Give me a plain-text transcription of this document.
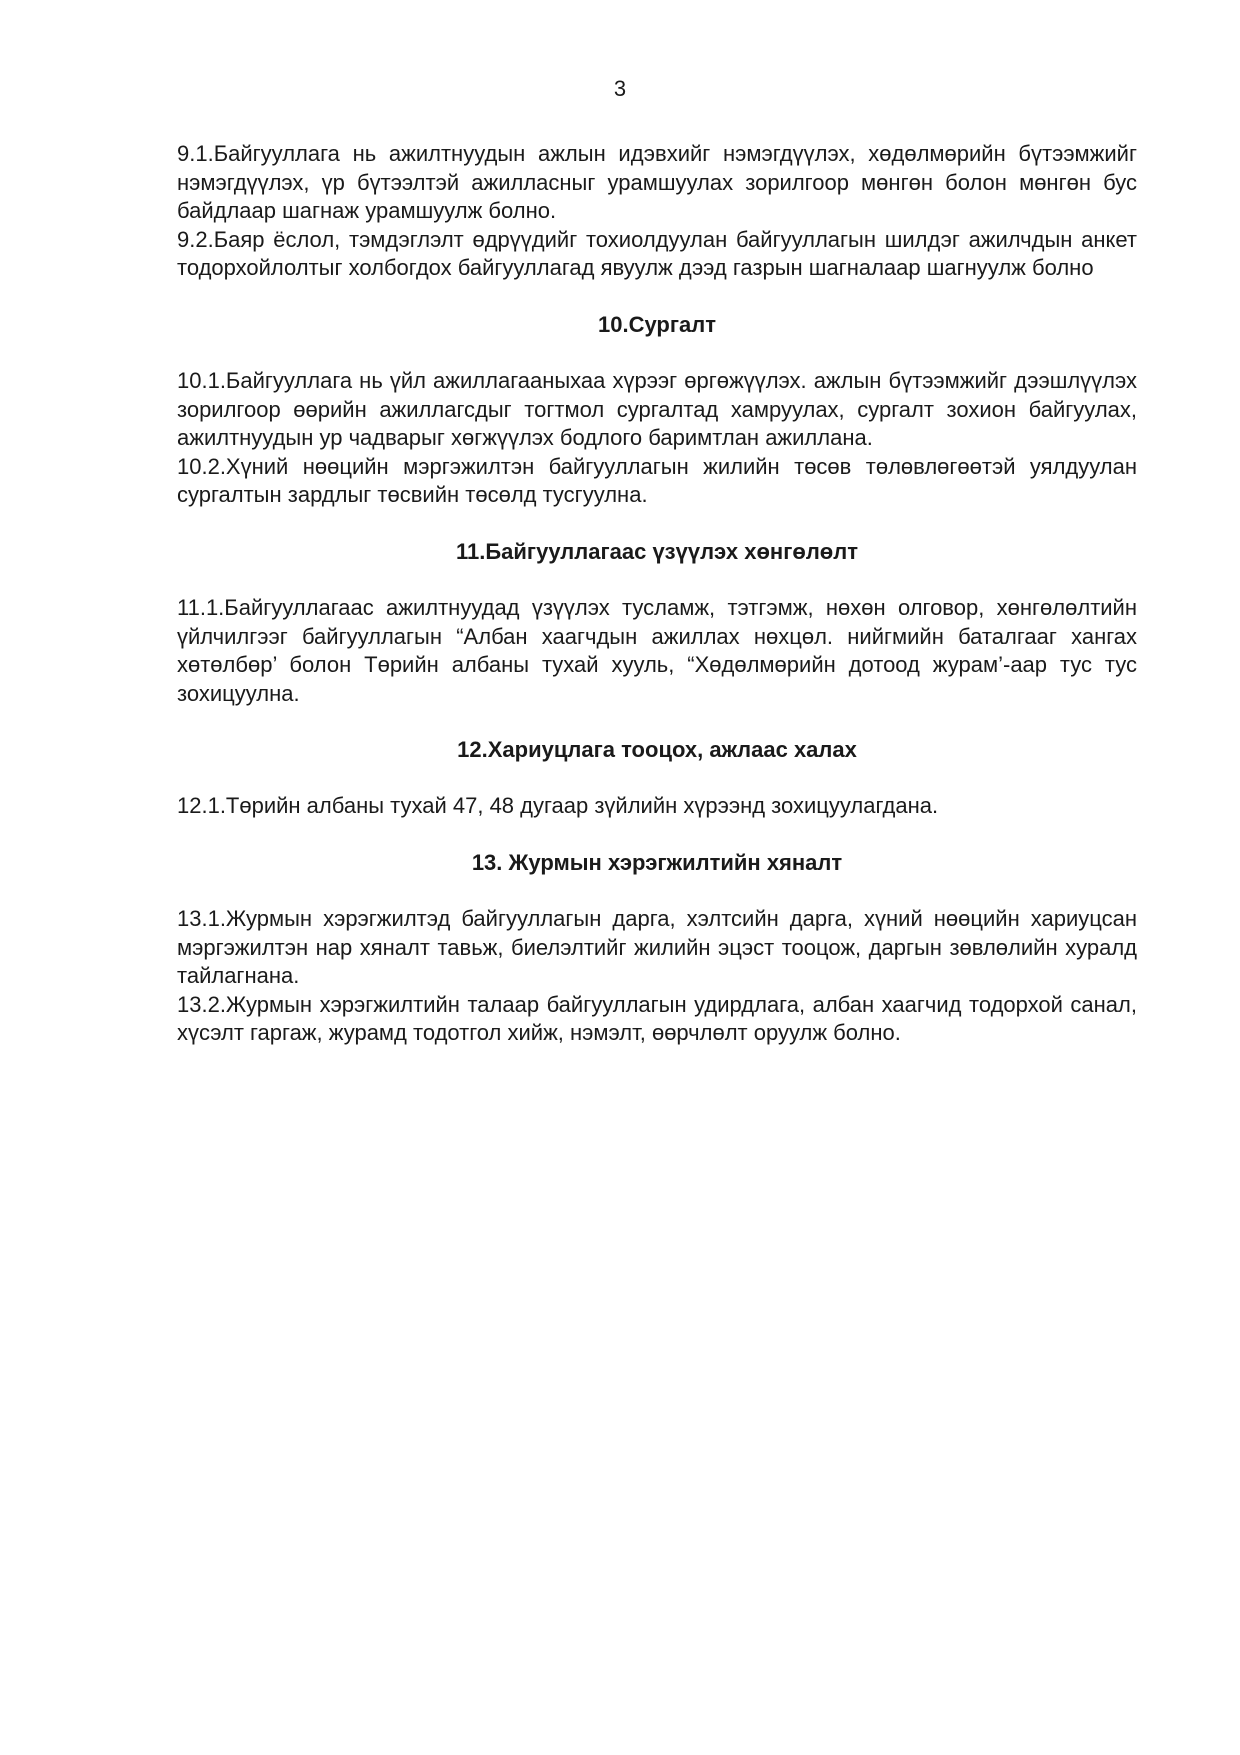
3

9.1.Байгууллага нь ажилтнуудын ажлын идэвхийг нэмэгдүүлэх, хөдөлмөрийн бүтээмжийг нэмэгдүүлэх, үр бүтээлтэй ажилласныг урамшуулах зорилгоор мөнгөн болон мөнгөн бус байдлаар шагнаж урамшуулж болно.

9.2.Баяр ёслол, тэмдэглэлт өдрүүдийг тохиолдуулан байгууллагын шилдэг ажилчдын анкет тодорхойлолтыг холбогдох байгууллагад явуулж дээд газрын шагналаар шагнуулж болно

10.Сургалт

10.1.Байгууллага нь үйл ажиллагааныхаа хүрээг өргөжүүлэх. ажлын бүтээмжийг дээшлүүлэх зорилгоор өөрийн ажиллагсдыг тогтмол сургалтад хамруулах, сургалт зохион байгуулах, ажилтнуудын ур чадварыг хөгжүүлэх бодлого баримтлан ажиллана.

10.2.Хүний нөөцийн мэргэжилтэн байгууллагын жилийн төсөв төлөвлөгөөтэй уялдуулан сургалтын зардлыг төсвийн төсөлд тусгуулна.

11.Байгууллагаас үзүүлэх хөнгөлөлт

11.1.Байгууллагаас ажилтнуудад үзүүлэх тусламж, тэтгэмж, нөхөн олговор, хөнгөлөлтийн үйлчилгээг байгууллагын “Албан хаагчдын ажиллах нөхцөл. нийгмийн баталгааг хангах хөтөлбөр’ болон Төрийн албаны тухай хууль, “Хөдөлмөрийн дотоод журам’-аар тус тус зохицуулна.

12.Хариуцлага тооцох, ажлаас халах

12.1.Төрийн албаны тухай 47, 48 дугаар зүйлийн хүрээнд зохицуулагдана.

13. Журмын хэрэгжилтийн хяналт

13.1.Журмын хэрэгжилтэд байгууллагын дарга, хэлтсийн дарга, хүний нөөцийн хариуцсан мэргэжилтэн нар хяналт тавьж, биелэлтийг жилийн эцэст тооцож, даргын зөвлөлийн хуралд тайлагнана.

13.2.Журмын хэрэгжилтийн талаар байгууллагын удирдлага, албан хаагчид тодорхой санал, хүсэлт гаргаж, журамд тодотгол хийж, нэмэлт, өөрчлөлт оруулж болно.
